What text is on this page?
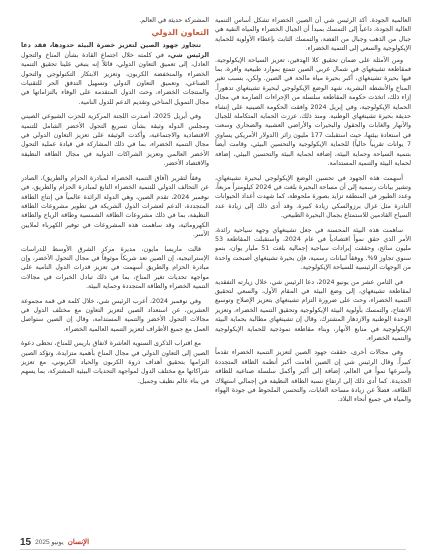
العالمية الجودة. أكد الرئيس شي أن الصين الخضراء تشكل أساس التنمية العالية الجودة، داعياً إلى التمسك بمبدأ أن الجبال الخضراء والمياه النقية هي جبال من الذهب وجبال من الفضة، والتمسك الثابت بإعطاء الأولوية للحماية الإيكولوجية والسعي إلى التنمية الخضراء.

ومن الأمثلة على ضمان تحقيق كلا الهدفين، تعزيز السياحة الإيكولوجية. فمقاطعة تشينغهاي في شمال غربي الصين تتمتع بموارد طبيعية وافرة، بما فيها بحيرة تشينغهاي، أكبر بحيرة مياه مالحة في الصين. ولكن، بسبب تغير المناخ والأنشطة البشرية، شهد الوضع الإيكولوجي لبحيرة تشينغهاي تدهوراً. إزاء ذلك، اتخذت حكومة المقاطعة سلسلة من الإجراءات الصارمة في مجال الحماية الإيكولوجية، وفي إبريل 2024 وافقت الحكومة الصينية على إنشاء حديقة بحيرة تشينغهاي الوطنية. ومنذ ذلك، عززت الحماية المتكاملة للجبال والأنهار والغابات والحقول والبحيرات والأراضي العشبية والصحاري وسعت في استعادة بيئتها، حيث استقبلت 177 مليون زائر (الدولار الأمريكي يساوي 7 يوانات تقريباً حالياً) للحماية الإيكولوجية والتحسين البيئي، وقامت أيضاً بتنمية السياحة وحماية البيئة، إضافة لحماية البيئة والتحسين البيئي، إضافة لحماية البيئة والتنمية المستدامة.

أسهمت هذه الجهود في تحسين الوضع الإيكولوجي لبحيرة تشينغهاي، وتشير بيانات رسمية إلى أن مساحة البحيرة بلغت في 2024 كيلومتراً مربعاً، وعدد الطيور في المنطقة تزايد بصورة ملحوظة، كما شهدت أعداد الحيوانات النادرة مثل غزال برزوالسكي زيادة كبيرة. وقد أدى ذلك إلى زيادة عدد السياح القادمين للاستمتاع بجمال البحيرة الطبيعي.

ساهمت هذه البيئة المحسنة في جعل تشينغهاي وجهة سياحية رائدة، الأمر الذي حقق نمواً اقتصادياً في عام 2024، واستقبلت المقاطعة 53 مليون سائح، وحققت إيرادات سياحية إجمالية بلغت 51 مليار يوان، بنمو سنوي تجاوز 9%. ووفقاً لبيانات رسمية، فإن بحيرة تشينغهاي أصبحت واحدة من الوجهات الرئيسية للسياحة الإيكولوجية.

في الثامن عشر من يونيو 2024، دعا الرئيس شي، خلال زيارته التفقدية لمقاطعة تشينغهاي، إلى وضع البيئة في المقام الأول، والسعي لتحقيق التنمية الخضراء، وحث على ضرورة التزام تشينغهاي بتعزيز الإصلاح وتوسيع الانفتاح، والتمسك بأولوية البيئة الإيكولوجية وتحقيق التنمية الخضراء، وتعزيز الوحدة الوطنية والازدهار المشترك، وقال إن تشينغهاي مطالبة بحماية البيئة الإيكولوجية في منابع الأنهار، وبناء مقاطعة نموذجية للحماية الإيكولوجية والتنمية الخضراء.

وفي مجالات أخرى، حققت جهود الصين لتعزيز التنمية الخضراء تقدماً كبيراً. وقال الرئيس شي إن الصين أقامت أكبر أنظمة الطاقة المتجددة وأسرعها نمواً في العالم، إضافة إلى أكبر وأكمل سلسلة صناعية للطاقة الجديدة. كما أدى ذلك إلى ارتفاع نسبة الطاقة النظيفة في إجمالي استهلاك الطاقة، فضلاً عن زيادة مساحة الغابات، والتحسن الملحوظ في جودة الهواء والمياه في جميع أنحاء البلاد.

المشتركة حديثة في العالم.

التعاون الدولي

تتجاوز جهود الصين لتعزيز خضرة البيئة حدودها، فقد دعا الرئيس شي، في كلمته خلال اجتماع القادة بشأن المناخ والتحول العادل، إلى تعميق التعاون الدولي، قائلاً إنه ينبغي علينا تحقيق التنمية الخضراء والمنخفضة الكربون، وتعزيز الابتكار التكنولوجي والتحول الصناعي، وتعميق التعاون الدولي وتسهيل التدفق الحر للتقنيات والمنتجات الخضراء، وحث الدول المتقدمة على الوفاء بالتزاماتها في مجال التمويل المناخي وتقديم الدعم للدول النامية.

وفي أبريل 2025، أصدرت اللجنة المركزية للحزب الشيوعي الصيني ومجلس الدولة وثيقة بشأن تسريع التحول الأخضر الشامل للتنمية الاقتصادية والاجتماعية، وأكدت الوثيقة على تعزيز التعاون الدولي في مجال التنمية الخضراء، بما في ذلك المشاركة في قيادة عملية التحول الأخضر العالمي وتعزيز الشراكات الدولية في مجال الطاقة النظيفة والاقتصاد الأخضر.

وفقاً لتقرير (آفاق التنمية الخضراء لمبادرة الحزام والطريق)، الصادر عن التحالف الدولي للتنمية الخضراء التابع لمبادرة الحزام والطريق، في نوفمبر 2024، تقدم الصين، وهي الدولة الرائدة عالمياً في إنتاج الطاقة المتجددة، الدعم لعشرات الدول الشريكة في تطوير مشروعات الطاقة النظيفة، بما في ذلك مشروعات الطاقة الشمسية وطاقة الرياح والطاقة الكهرومائية، وقد ساهمت هذه المشروعات في توفير الكهرباء لملايين الأسر.

قالت ماريسا مايون، مديرة مركز الشرق الأوسط للدراسات الإستراتيجية، إن الصين تعد شريكاً موثوقاً في مجال التحول الأخضر، وإن مبادرة الحزام والطريق أسهمت في تعزيز قدرات الدول النامية على مواجهة تحديات تغير المناخ، بما في ذلك تبادل الخبرات في مجالات التنمية الخضراء والطاقة المتجددة وحماية البيئة.

وفي نوفمبر 2024، أعرب الرئيس شي، خلال كلمة في قمة مجموعة العشرين، عن استعداد الصين لتعزيز التعاون مع مختلف الدول في مجالات التحول الأخضر والتنمية المستدامة، وقال إن الصين ستواصل العمل مع جميع الأطراف لتعزيز التنمية العالمية الخضراء.

مع اقتراب الذكرى السنوية العاشرة لاتفاق باريس للمناخ، تحظى دعوة الصين إلى التعاون الدولي في مجال المناخ بأهمية متزايدة، وتؤكد الصين التزامها بتحقيق أهداف ذروة الكربون والحياد الكربوني، مع تعزيز شراكاتها مع مختلف الدول لمواجهة التحديات البيئية المشتركة، بما يسهم في بناء عالم نظيف وجميل.

15 يونيو 2025 الإنسان
